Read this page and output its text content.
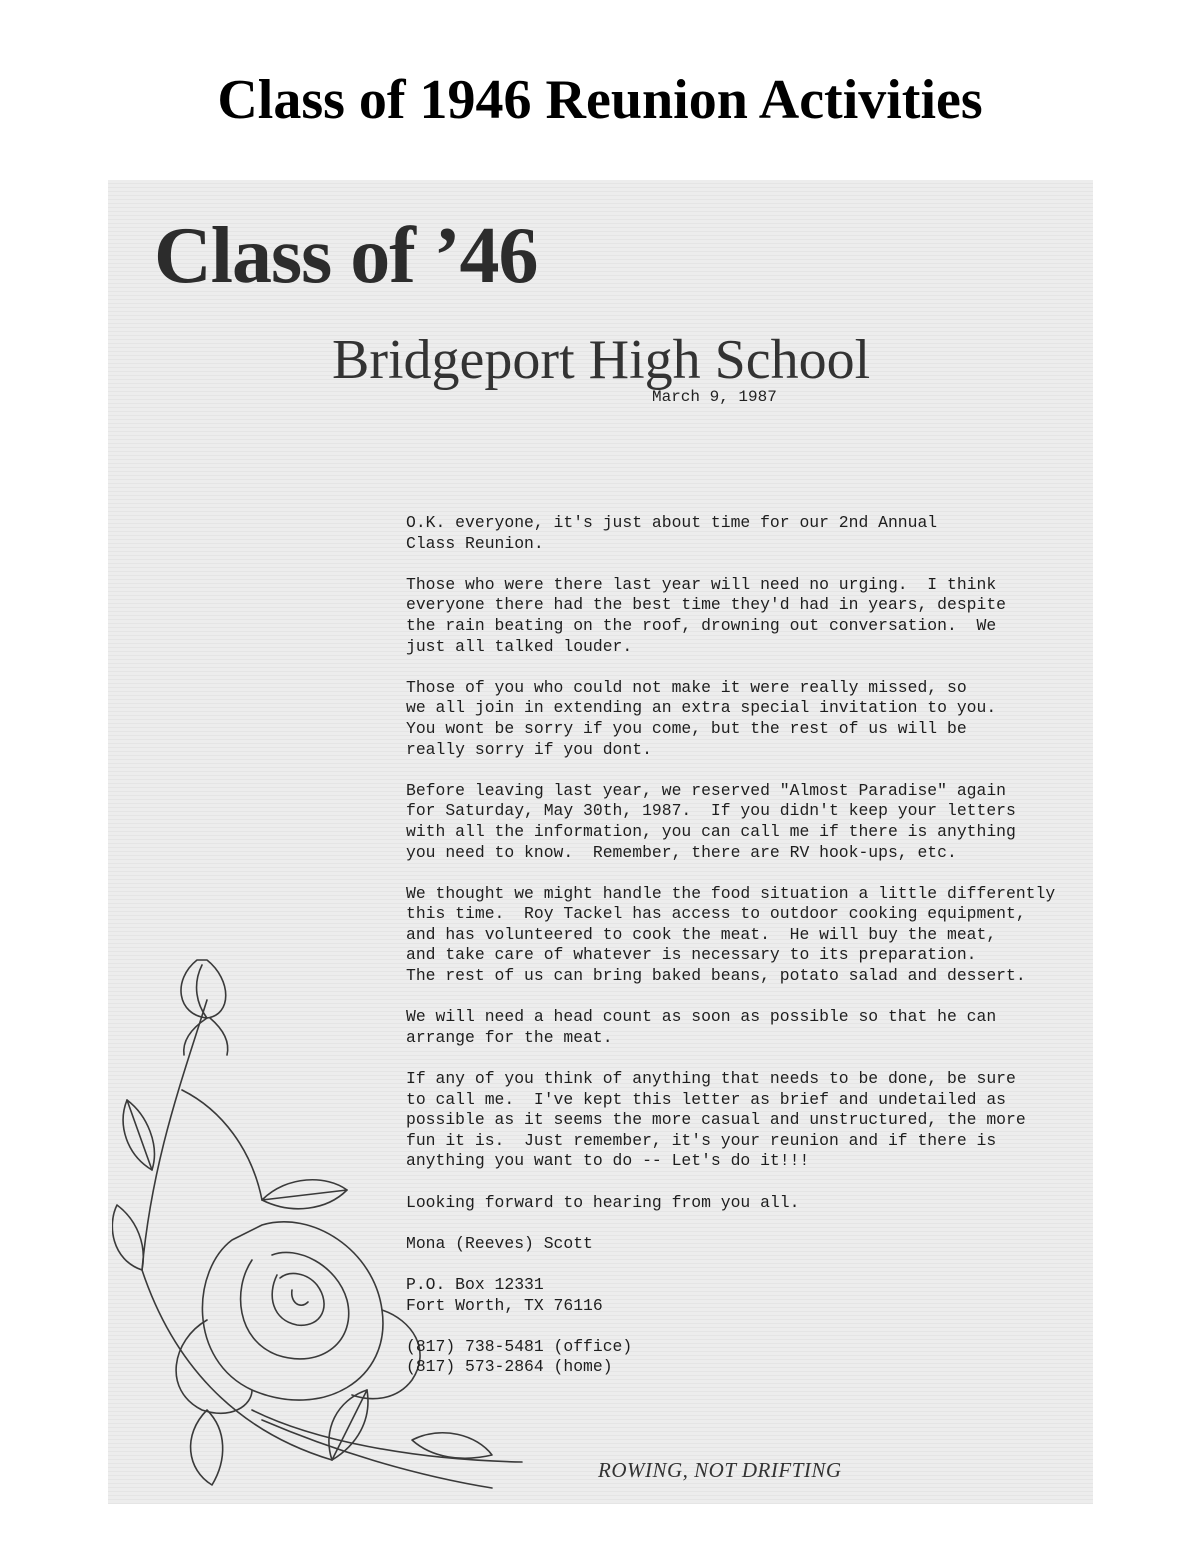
Class of 1946 Reunion Activities
Class of ’46
Bridgeport High School
March 9, 1987

O.K. everyone, it's just about time for our 2nd Annual
Class Reunion.

Those who were there last year will need no urging.  I think
everyone there had the best time they'd had in years, despite
the rain beating on the roof, drowning out conversation.  We
just all talked louder.

Those of you who could not make it were really missed, so
we all join in extending an extra special invitation to you.
You wont be sorry if you come, but the rest of us will be
really sorry if you dont.

Before leaving last year, we reserved "Almost Paradise" again
for Saturday, May 30th, 1987.  If you didn't keep your letters
with all the information, you can call me if there is anything
you need to know.  Remember, there are RV hook-ups, etc.

We thought we might handle the food situation a little differently
this time.  Roy Tackel has access to outdoor cooking equipment,
and has volunteered to cook the meat.  He will buy the meat,
and take care of whatever is necessary to its preparation.
The rest of us can bring baked beans, potato salad and dessert.

We will need a head count as soon as possible so that he can
arrange for the meat.

If any of you think of anything that needs to be done, be sure
to call me.  I've kept this letter as brief and undetailed as
possible as it seems the more casual and unstructured, the more
fun it is.  Just remember, it's your reunion and if there is
anything you want to do -- Let's do it!!!

Looking forward to hearing from you all.

Mona (Reeves) Scott
P.O. Box 12331
Fort Worth, TX 76116
(817) 738-5481 (office)
(817) 573-2864 (home)
ROWING, NOT DRIFTING
